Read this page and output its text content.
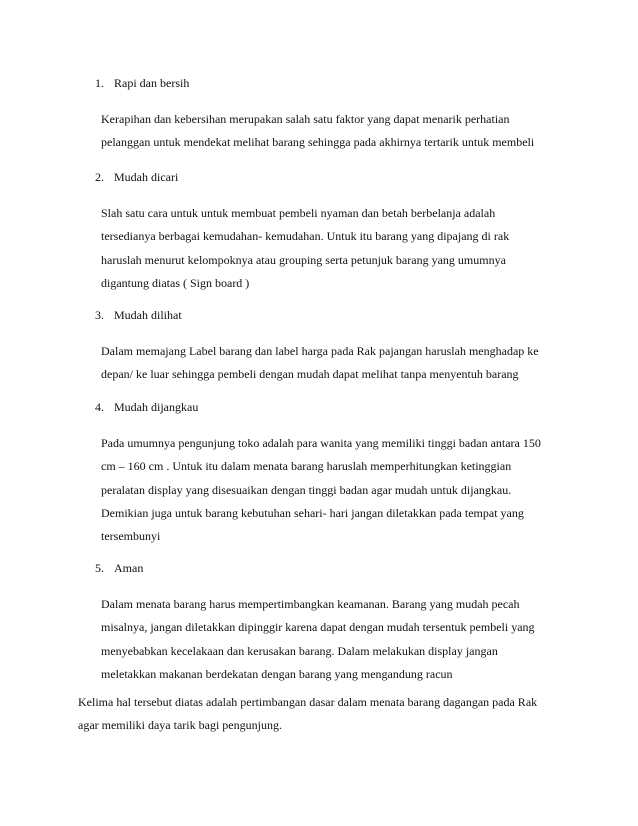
1. Rapi dan bersih
Kerapihan dan kebersihan merupakan salah satu faktor yang dapat menarik perhatian
pelanggan untuk mendekat melihat barang sehingga pada akhirnya tertarik untuk membeli
2. Mudah dicari
Slah satu cara untuk untuk membuat pembeli nyaman dan betah berbelanja adalah
tersedianya berbagai kemudahan- kemudahan. Untuk itu barang yang dipajang di rak
haruslah menurut kelompoknya atau grouping serta petunjuk barang yang umumnya
digantung diatas ( Sign board )
3. Mudah dilihat
Dalam memajang Label barang dan label harga pada Rak pajangan haruslah menghadap ke
depan/ ke luar sehingga pembeli dengan mudah dapat melihat tanpa menyentuh barang
4. Mudah dijangkau
Pada umumnya pengunjung toko adalah para wanita yang memiliki tinggi badan antara 150
cm – 160 cm . Untuk itu dalam menata barang haruslah memperhitungkan ketinggian
peralatan display yang disesuaikan dengan tinggi badan agar mudah untuk dijangkau.
Demikian juga untuk barang kebutuhan sehari- hari jangan diletakkan pada tempat yang
tersembunyi
5. Aman
Dalam menata barang harus mempertimbangkan keamanan. Barang yang mudah pecah
misalnya, jangan diletakkan dipinggir karena dapat dengan mudah tersentuk pembeli yang
menyebabkan kecelakaan dan kerusakan barang. Dalam melakukan display jangan
meletakkan makanan berdekatan dengan barang yang mengandung racun
Kelima hal tersebut diatas adalah pertimbangan dasar dalam menata barang dagangan pada Rak
agar memiliki daya tarik bagi pengunjung.
